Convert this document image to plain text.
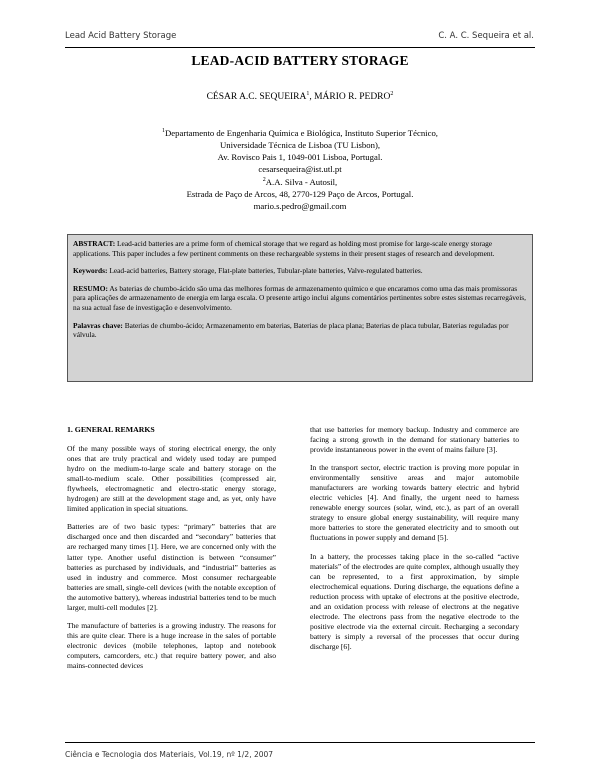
Lead Acid Battery Storage	C. A. C. Sequeira et al.
LEAD-ACID BATTERY STORAGE
CÉSAR A.C. SEQUEIRA$^1$, MÁRIO R. PEDRO$^2$
$^1$Departamento de Engenharia Química e Biológica, Instituto Superior Técnico,
Universidade Técnica de Lisboa (TU Lisbon),
Av. Rovisco Pais 1, 1049-001 Lisboa, Portugal.
cesarsequeira@ist.utl.pt
$^2$A.A. Silva - Autosil,
Estrada de Paço de Arcos, 48, 2770-129 Paço de Arcos, Portugal.
mario.s.pedro@gmail.com

ABSTRACT: Lead-acid batteries are a prime form of chemical storage that we regard as holding most promise for large-scale energy storage applications. This paper includes a few pertinent comments on these rechargeable systems in their present stages of research and development.

Keywords: Lead-acid batteries, Battery storage, Flat-plate batteries, Tubular-plate batteries, Valve-regulated batteries.

RESUMO: As baterias de chumbo-ácido são uma das melhores formas de armazenamento químico e que encaramos como uma das mais promissoras para aplicações de armazenamento de energia em larga escala. O presente artigo inclui alguns comentários pertinentes sobre estes sistemas recarregáveis, na sua actual fase de investigação e desenvolvimento.

Palavras chave: Baterias de chumbo-ácido; Armazenamento em baterias, Baterias de placa plana; Baterias de placa tubular, Baterias reguladas por válvula.

1. GENERAL REMARKS

Of the many possible ways of storing electrical energy, the only ones that are truly practical and widely used today are pumped hydro on the medium-to-large scale and battery storage on the small-to-medium scale. Other possibilities (compressed air, flywheels, electromagnetic and electro-static energy storage, hydrogen) are still at the development stage and, as yet, only have limited application in special situations.

Batteries are of two basic types: “primary” batteries that are discharged once and then discarded and “secondary” batteries that are recharged many times [1]. Here, we are concerned only with the latter type. Another useful distinction is between “consumer” batteries as purchased by individuals, and “industrial” batteries as used in industry and commerce. Most consumer rechargeable batteries are small, single-cell devices (with the notable exception of the automotive battery), whereas industrial batteries tend to be much larger, multi-cell modules [2].

The manufacture of batteries is a growing industry. The reasons for this are quite clear. There is a huge increase in the sales of portable electronic devices (mobile telephones, laptop and notebook computers, camcorders, etc.) that require battery power, and also mains-connected devices

that use batteries for memory backup. Industry and commerce are facing a strong growth in the demand for stationary batteries to provide instantaneous power in the event of mains failure [3].

In the transport sector, electric traction is proving more popular in environmentally sensitive areas and major automobile manufacturers are working towards battery electric and hybrid electric vehicles [4]. And finally, the urgent need to harness renewable energy sources (solar, wind, etc.), as part of an overall strategy to ensure global energy sustainability, will require many more batteries to store the generated electricity and to smooth out fluctuations in power supply and demand [5].

In a battery, the processes taking place in the so-called “active materials” of the electrodes are quite complex, although usually they can be represented, to a first approximation, by simple electrochemical equations. During discharge, the equations define a reduction process with uptake of electrons at the positive electrode, and an oxidation process with release of electrons at the negative electrode. The electrons pass from the negative electrode to the positive electrode via the external circuit. Recharging a secondary battery is simply a reversal of the processes that occur during discharge [6].

Ciência e Tecnologia dos Materiais, Vol.19, nº 1/2, 2007
